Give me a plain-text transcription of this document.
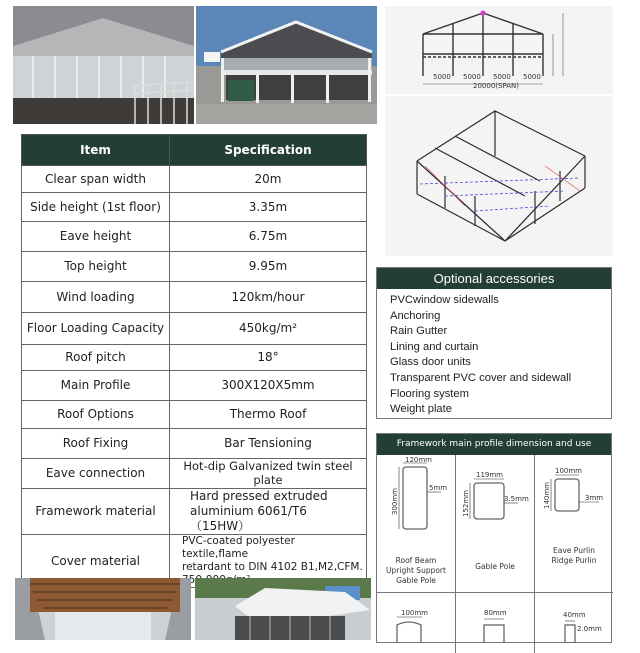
5000 5000 5000 5000
20000(SPAN)
Item	Specification
Clear span width	20m
Side height (1st floor)	3.35m
Eave height	6.75m
Top height	9.95m
Wind loading	120km/hour
Floor Loading Capacity	450kg/m²
Roof pitch	18°
Main Profile	300X120X5mm
Roof Options	Thermo Roof
Roof Fixing	Bar Tensioning
Eave connection	Hot-dip Galvanized twin steel plate
Framework material	Hard pressed extruded
aluminium 6061/T6 （15HW）

Cover material	PVC-coated polyester textile,flame
retardant to DIN 4102 B1,M2,CFM.
Optional accessories
PVCwindow sidewalls
Anchoring
Rain Gutter
Lining and curtain
Glass door units
Transparent PVC cover and sidewall
Flooring system
Weight plate
Framework main profile dimension and use
120mm
5mm
300mm
Roof Beam
Upright Support
Gable Pole
119mm
3.5mm
152mm
Gable Pole
100mm
3mm
140mm
Eave Purlin
Ridge Purlin
100mm	80mm	40mm
2.0mm
